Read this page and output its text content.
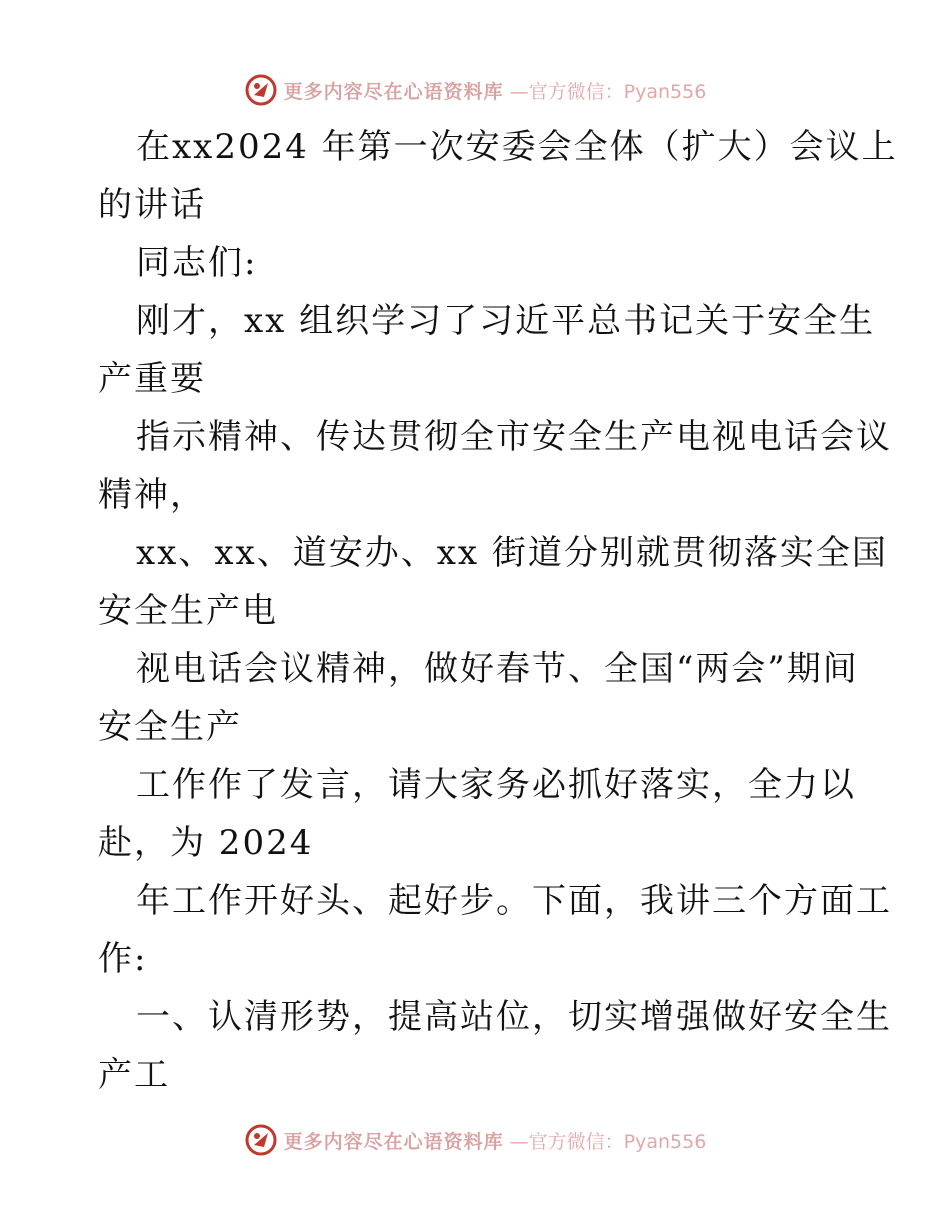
更多内容尽在心语资料库 —官方微信：Pyan556
在xx2024 年第一次安委会全体（扩大）会议上
的讲话
同志们:
刚才，xx 组织学习了习近平总书记关于安全生
产重要
指示精神、传达贯彻全市安全生产电视电话会议
精神，
xx、xx、道安办、xx 街道分别就贯彻落实全国
安全生产电
视电话会议精神，做好春节、全国“两会”期间
安全生产
工作作了发言，请大家务必抓好落实，全力以
赴，为 2024
年工作开好头、起好步。下面，我讲三个方面工
作:
一、认清形势，提高站位，切实增强做好安全生
产工
更多内容尽在心语资料库 —官方微信：Pyan556
